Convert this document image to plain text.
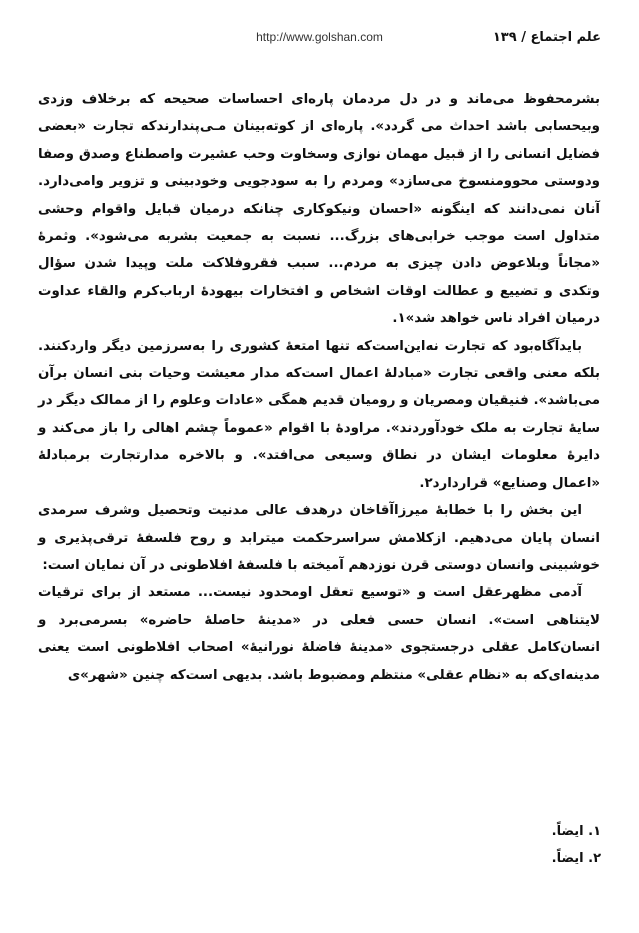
علم اجتماع / ۱۳۹
http://www.golshan.com

بشرمحفوظ می‌ماند و در دل مردمان پاره‌ای احساسات صحیحه که برخلاف وزدی وبیحسابی باشد احداث می گردد». پاره‌ای از کوته‌بینان مـی‌پندارندکه تجارت «بعضی فضایل انسانی را از قبیل مهمان نوازی وسخاوت وحب عشیرت واصطناع وصدق وصفا ودوستی محوومنسوخ می‌سازد» ومردم را به سودجویی وخودبینی و تزویر وامی‌دارد. آنان نمی‌دانند که اینگونه «احسان ونیکوکاری چنانکه درمیان قبایل واقوام وحشی متداول است موجب خرابی‌های بزرگ... نسبت به جمعیت بشربه می‌شود». وثمرهٔ «مجاناً وبلاعوض دادن چیزی به مردم... سبب فقروفلاکت ملت وپیدا شدن سؤال وتکدی و تضییع و عطالت اوقات اشخاص و افتخارات بیهودهٔ ارباب‌کرم والقاء عداوت درمیان افراد ناس خواهد شد»۱.

بایدآگاه‌بود که تجارت نه‌این‌است‌که تنها امتعهٔ کشوری را به‌سرزمین دیگر واردکنند. بلکه معنی واقعی تجارت «مبادلهٔ اعمال است‌که مدار معیشت وحیات بنی انسان برآن می‌باشد». فنیقیان ومصریان و رومیان قدیم همگی «عادات وعلوم را از ممالک دیگر در سایهٔ تجارت به ملک خودآوردند». مراودهٔ با اقوام «عموماً چشم اهالی را باز می‌کند و دایرهٔ معلومات ایشان در نطاق وسیعی می‌افتد». و بالاخره مدارتجارت برمبادلهٔ «اعمال وصنایع» قراردارد۲.

این بخش را با خطابهٔ میرزاآقاخان درهدف عالی مدنیت وتحصیل وشرف سرمدی انسان پایان می‌دهیم. ازکلامش سراسرحکمت میترابد و روح فلسفهٔ ترقی‌پذیری و خوشبینی وانسان دوستی قرن نوزدهم آمیخته با فلسفهٔ افلاطونی در آن نمایان است:

آدمی مظهرعقل است و «توسیع تعقل اومحدود نیست... مستعد از برای ترقیات لایتناهی است». انسان حسی فعلی در «مدینهٔ حاصلهٔ حاضره» بسرمی‌برد و انسان‌کامل عقلی درجستجوی «مدینهٔ فاضلهٔ نورانیهٔ» اصحاب افلاطونی است یعنی مدینه‌ای‌که به «نظام عقلی» منتظم ومضبوط باشد. بدیهی است‌که چنین «شهر»ی

۱. ایضاً.
۲. ایضاً.
